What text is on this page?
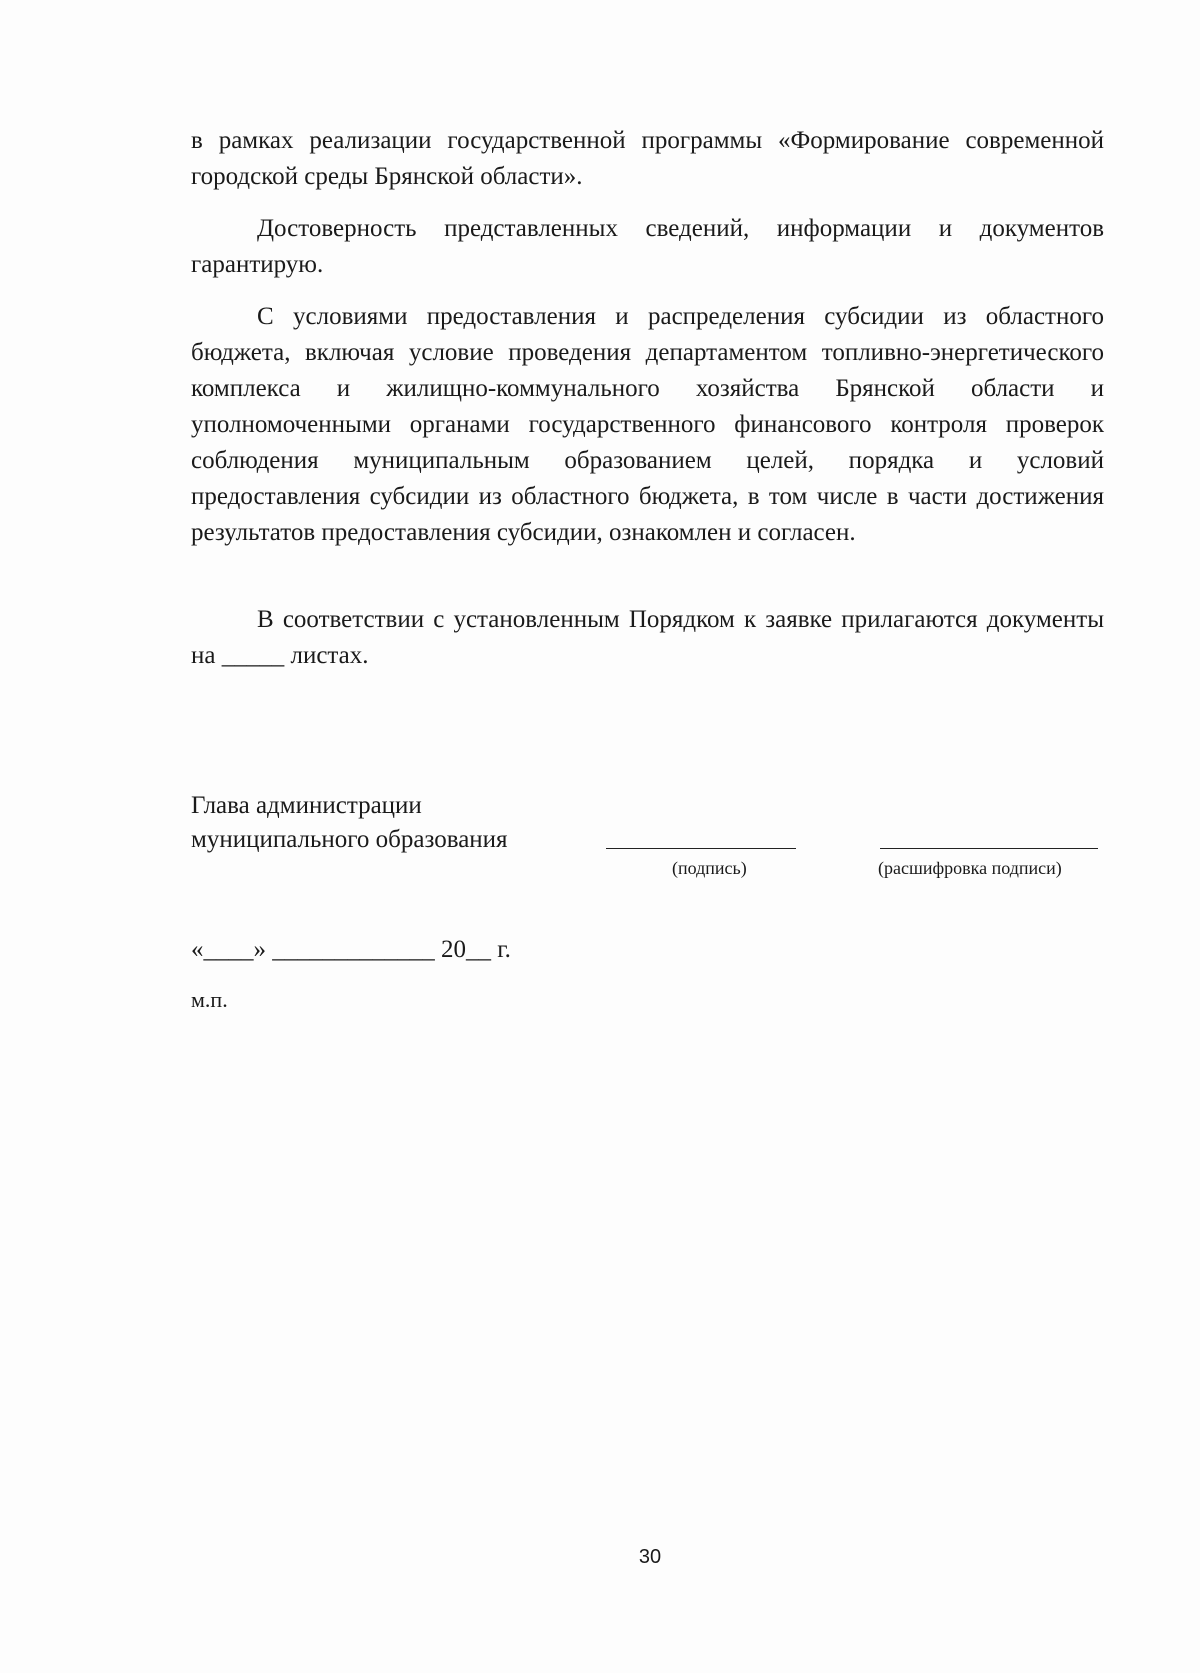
в рамках реализации государственной программы «Формирование современной городской среды Брянской области».
Достоверность представленных сведений, информации и документов гарантирую.
С условиями предоставления и распределения субсидии из областного бюджета, включая условие проведения департаментом топливно-энергетического комплекса и жилищно-коммунального хозяйства Брянской области и уполномоченными органами государственного финансового контроля проверок соблюдения муниципальным образованием целей, порядка и условий предоставления субсидии из областного бюджета, в том числе в части достижения результатов предоставления субсидии, ознакомлен и согласен.
В соответствии с установленным Порядком к заявке прилагаются документы на _____ листах.
Глава администрации
муниципального образования
(подпись)	(расшифровка подписи)
«____» _____________ 20__ г.
м.п.
30
